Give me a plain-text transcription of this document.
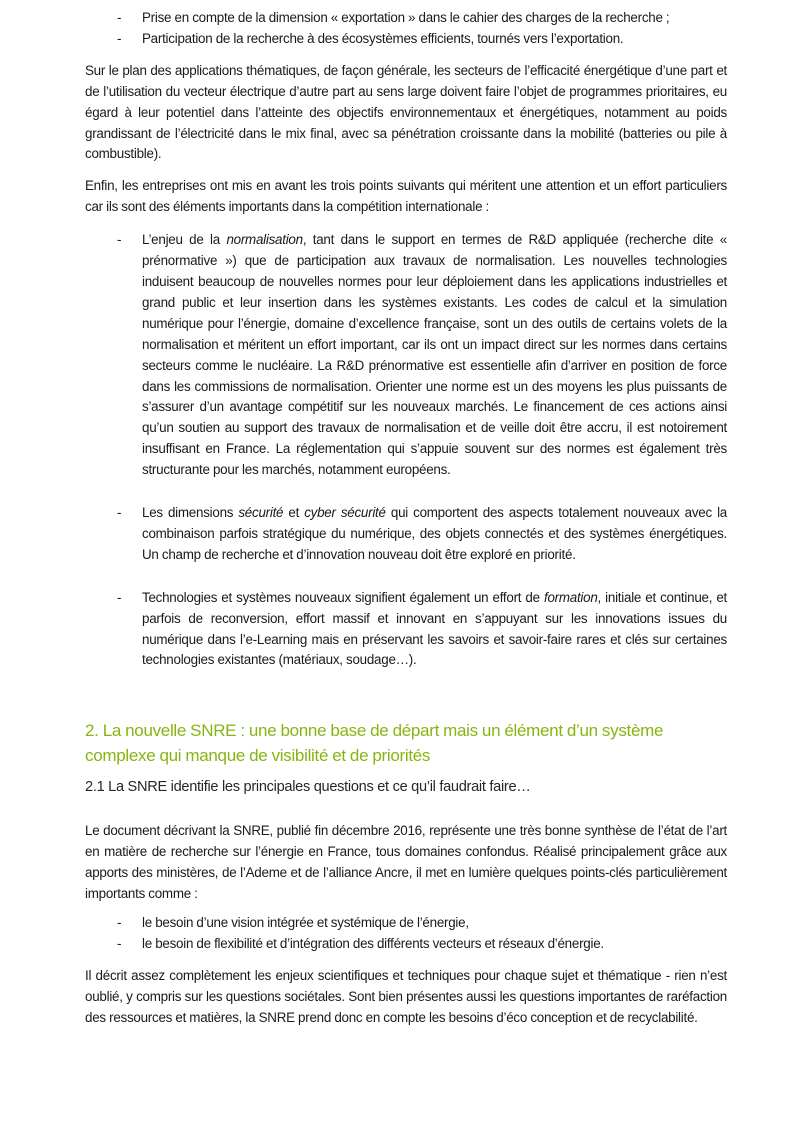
- Prise en compte de la dimension « exportation » dans le cahier des charges de la recherche ;
- Participation de la recherche à des écosystèmes efficients, tournés vers l’exportation.

Sur le plan des applications thématiques, de façon générale, les secteurs de l’efficacité énergétique d’une part et de l’utilisation du vecteur électrique d’autre part au sens large doivent faire l’objet de programmes prioritaires, eu égard à leur potentiel dans l’atteinte des objectifs environnementaux et énergétiques, notamment au poids grandissant de l’électricité dans le mix final, avec sa pénétration croissante dans la mobilité (batteries ou pile à combustible).

Enfin, les entreprises ont mis en avant les trois points suivants qui méritent une attention et un effort particuliers car ils sont des éléments importants dans la compétition internationale :

- L’enjeu de la normalisation, tant dans le support en termes de R&D appliquée (recherche dite « prénormative ») que de participation aux travaux de normalisation. Les nouvelles technologies induisent beaucoup de nouvelles normes pour leur déploiement dans les applications industrielles et grand public et leur insertion dans les systèmes existants. Les codes de calcul et la simulation numérique pour l’énergie, domaine d’excellence française, sont un des outils de certains volets de la normalisation et méritent un effort important, car ils ont un impact direct sur les normes dans certains secteurs comme le nucléaire. La R&D prénormative est essentielle afin d’arriver en position de force dans les commissions de normalisation. Orienter une norme est un des moyens les plus puissants de s’assurer d’un avantage compétitif sur les nouveaux marchés. Le financement de ces actions ainsi qu’un soutien au support des travaux de normalisation et de veille doit être accru, il est notoirement insuffisant en France. La réglementation qui s’appuie souvent sur des normes est également très structurante pour les marchés, notamment européens.
- Les dimensions sécurité et cyber sécurité qui comportent des aspects totalement nouveaux avec la combinaison parfois stratégique du numérique, des objets connectés et des systèmes énergétiques. Un champ de recherche et d’innovation nouveau doit être exploré en priorité.
- Technologies et systèmes nouveaux signifient également un effort de formation, initiale et continue, et parfois de reconversion, effort massif et innovant en s’appuyant sur les innovations issues du numérique dans l’e-Learning mais en préservant les savoirs et savoir-faire rares et clés sur certaines technologies existantes (matériaux, soudage…).
2. La nouvelle SNRE : une bonne base de départ mais un élément d’un système complexe qui manque de visibilité et de priorités
2.1 La SNRE identifie les principales questions et ce qu’il faudrait faire…

Le document décrivant la SNRE, publié fin décembre 2016, représente une très bonne synthèse de l’état de l’art en matière de recherche sur l’énergie en France, tous domaines confondus. Réalisé principalement grâce aux apports des ministères, de l’Ademe et de l’alliance Ancre, il met en lumière quelques points-clés particulièrement importants comme :

- le besoin d’une vision intégrée et systémique de l’énergie,
- le besoin de flexibilité et d’intégration des différents vecteurs et réseaux d’énergie.

Il décrit assez complètement les enjeux scientifiques et techniques pour chaque sujet et thématique - rien n’est oublié, y compris sur les questions sociétales. Sont bien présentes aussi les questions importantes de raréfaction des ressources et matières, la SNRE prend donc en compte les besoins d’éco conception et de recyclabilité.
